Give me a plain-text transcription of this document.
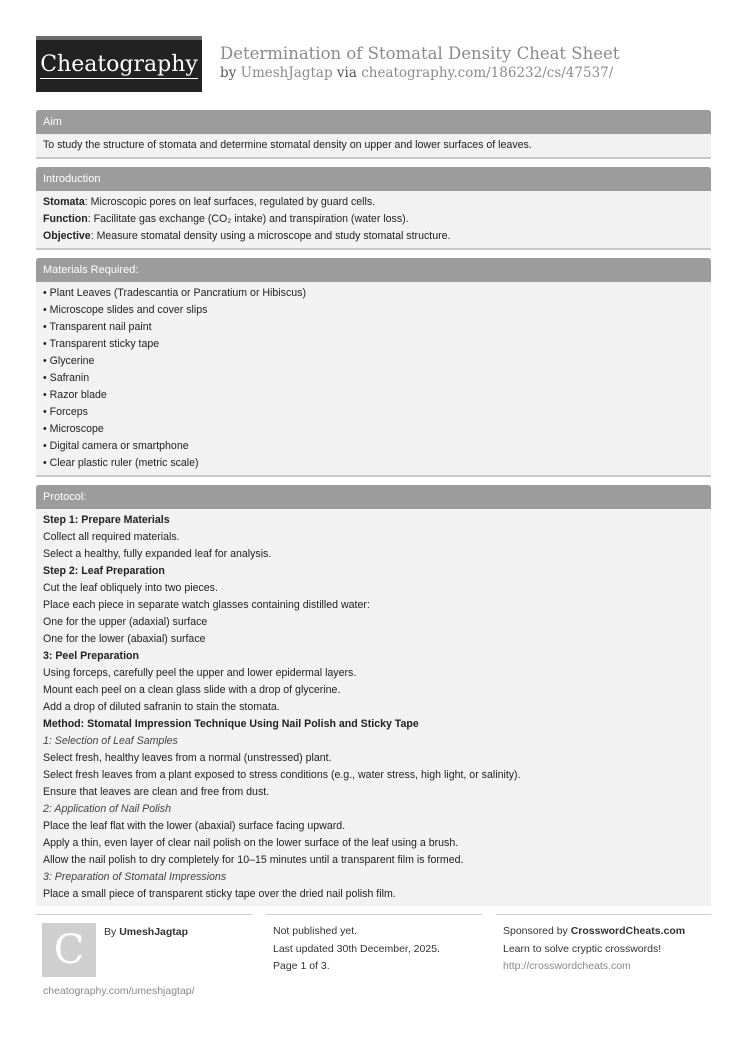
Cheatography Determination of Stomatal Density Cheat Sheet
by UmeshJagtap via cheatography.com/186232/cs/47537/
Aim
To study the structure of stomata and determine stomatal density on upper and lower surfaces of leaves.
Introduction
Stomata: Microscopic pores on leaf surfaces, regulated by guard cells.
Function: Facilitate gas exchange (CO₂ intake) and transpiration (water loss).
Objective: Measure stomatal density using a microscope and study stomatal structure.
Materials Required:
• Plant Leaves (Tradescantia or Pancratium or Hibiscus)
• Microscope slides and cover slips
• Transparent nail paint
• Transparent sticky tape
• Glycerine
• Safranin
• Razor blade
• Forceps
• Microscope
• Digital camera or smartphone
• Clear plastic ruler (metric scale)
Protocol:
Step 1: Prepare Materials
Collect all required materials.
Select a healthy, fully expanded leaf for analysis.
Step 2: Leaf Preparation
Cut the leaf obliquely into two pieces.
Place each piece in separate watch glasses containing distilled water:
One for the upper (adaxial) surface
One for the lower (abaxial) surface
3: Peel Preparation
Using forceps, carefully peel the upper and lower epidermal layers.
Mount each peel on a clean glass slide with a drop of glycerine.
Add a drop of diluted safranin to stain the stomata.
Method: Stomatal Impression Technique Using Nail Polish and Sticky Tape
1: Selection of Leaf Samples
Select fresh, healthy leaves from a normal (unstressed) plant.
Select fresh leaves from a plant exposed to stress conditions (e.g., water stress, high light, or salinity).
Ensure that leaves are clean and free from dust.
2: Application of Nail Polish
Place the leaf flat with the lower (abaxial) surface facing upward.
Apply a thin, even layer of clear nail polish on the lower surface of the leaf using a brush.
Allow the nail polish to dry completely for 10–15 minutes until a transparent film is formed.
3: Preparation of Stomatal Impressions
Place a small piece of transparent sticky tape over the dried nail polish film.
C By UmeshJagtap
cheatography.com/umeshjagtap/
Not published yet.
Last updated 30th December, 2025.
Page 1 of 3.
Sponsored by CrosswordCheats.com
Learn to solve cryptic crosswords!
http://crosswordcheats.com
